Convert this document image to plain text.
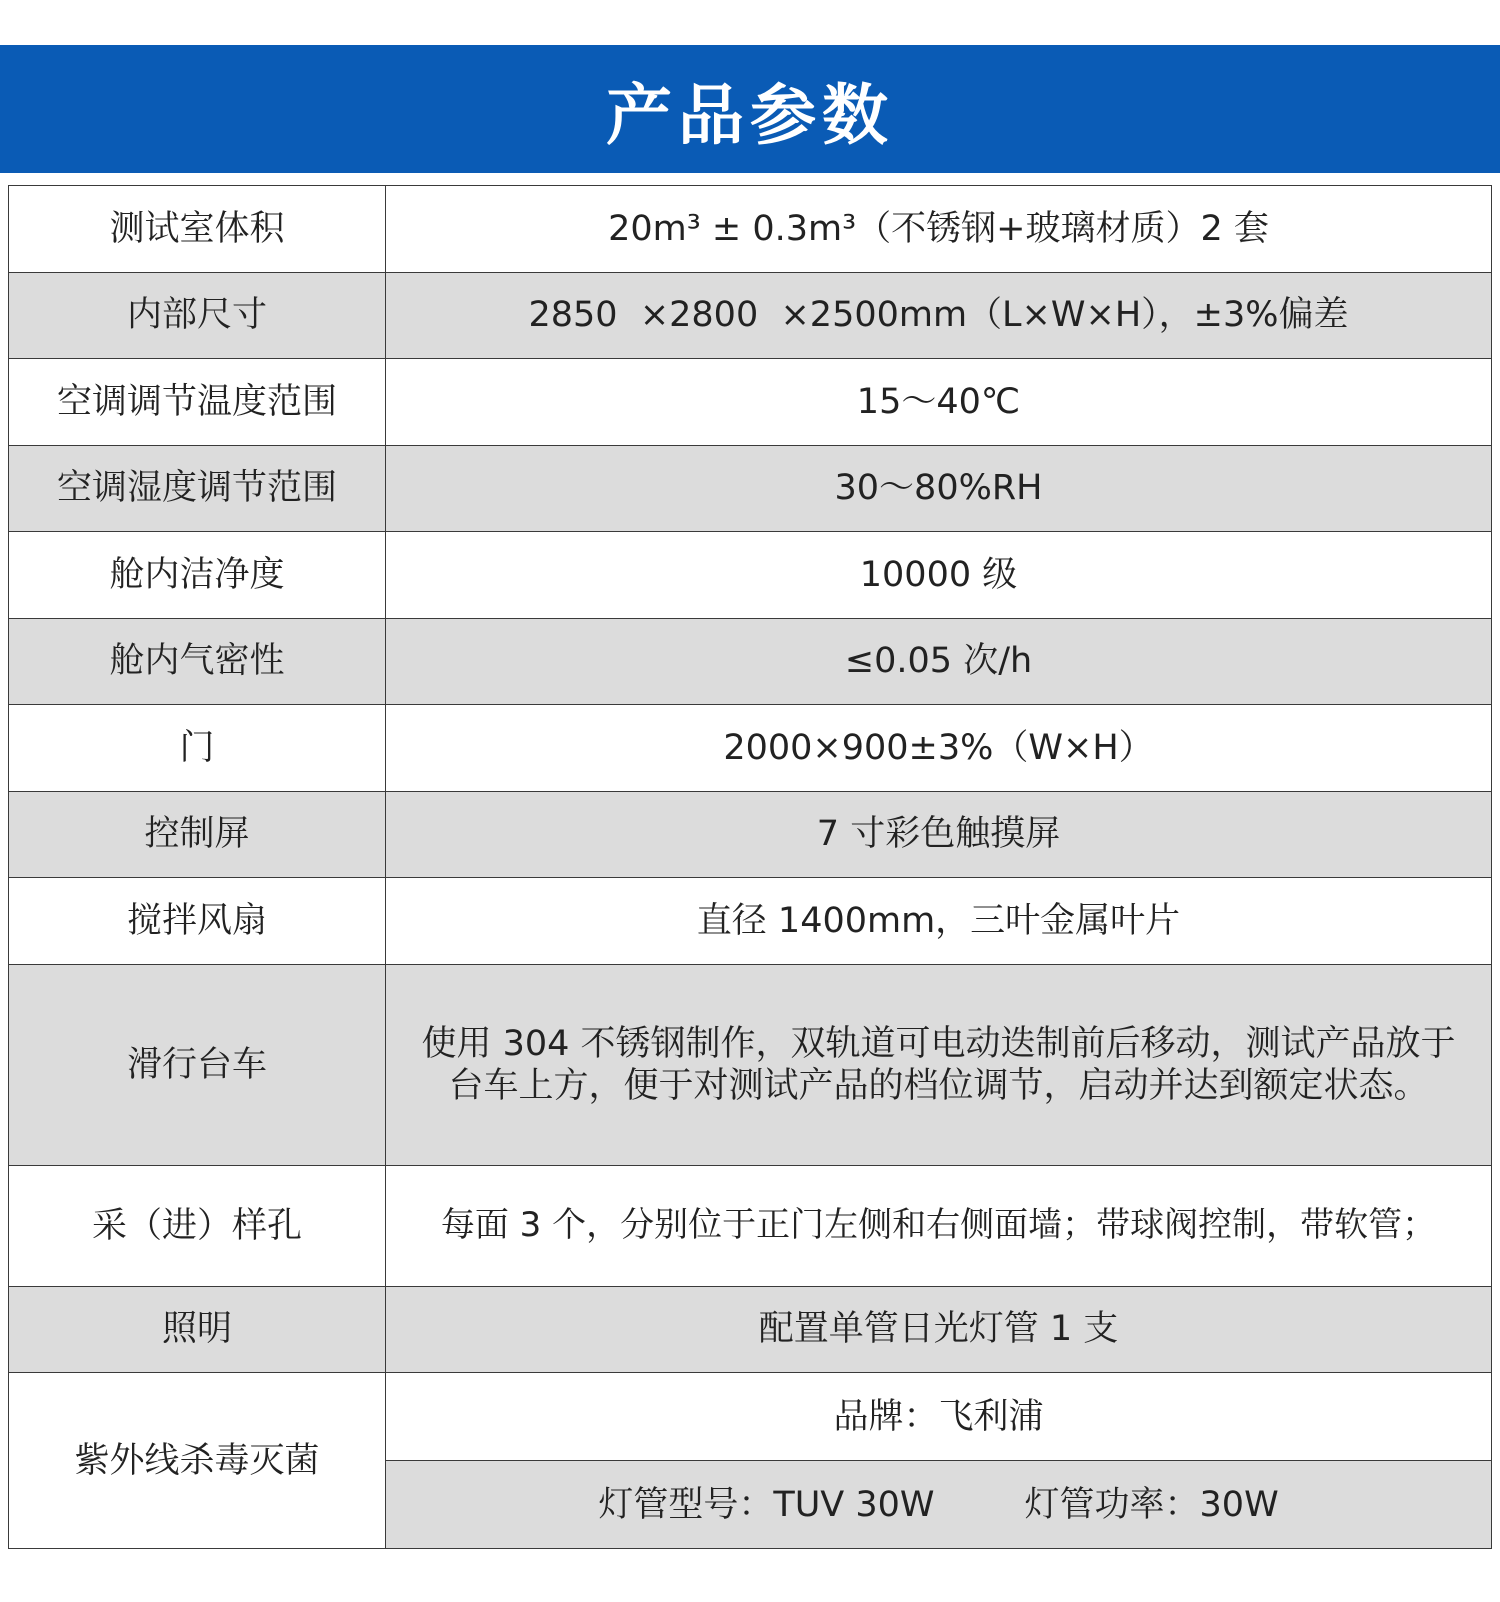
产品参数
测试室体积	20m³ ± 0.3m³（不锈钢+玻璃材质）2 套
内部尺寸	2850  ×2800  ×2500mm（L×W×H），±3%偏差
空调调节温度范围	15～40℃
空调湿度调节范围	30～80%RH
舱内洁净度	10000 级
舱内气密性	≤0.05 次/h
门	2000×900±3%（W×H）
控制屏	7 寸彩色触摸屏
搅拌风扇	直径 1400mm，三叶金属叶片
滑行台车	使用 304 不锈钢制作，双轨道可电动迭制前后移动，测试产品放于
台车上方，便于对测试产品的档位调节，启动并达到额定状态。

采（进）样孔	每面 3 个，分别位于正门左侧和右侧面墙；带球阀控制，带软管；
照明	配置单管日光灯管 1 支
紫外线杀毒灭菌	品牌：飞利浦
	灯管型号：TUV 30W 灯管功率：30W
